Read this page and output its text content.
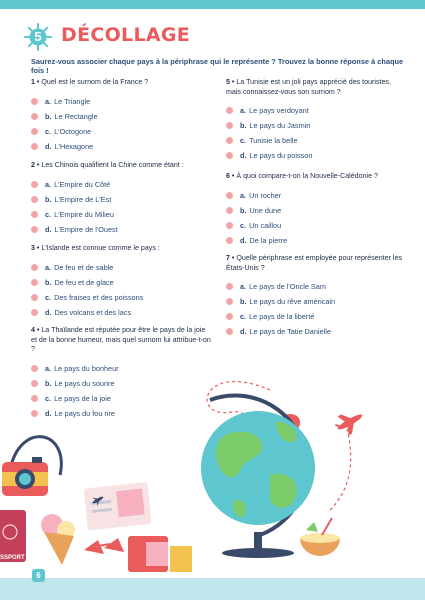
5	DÉCOLLAGE
Saurez-vous associer chaque pays à la périphrase qui le représente ? Trouvez la bonne réponse à chaque fois !
1 • Quel est le surnom de la France ?
a. Le Triangle
b. Le Rectangle
c. L'Octogone
d. L'Hexagone
2 • Les Chinois qualifient la Chine comme étant :
a. L'Empire du Côté
b. L'Empire de L'Est
c. L'Empire du Milieu
d. L'Empire de l'Ouest
3 • L'Islande est connue comme le pays :
a. De feu et de sable
b. De feu et de glace
c. Des fraises et des poissons
d. Des volcans et des lacs
4 • La Thaïlande est réputée pour être le pays de la joie et de la bonne humeur, mais quel surnom lui attribue-t-on ?
a. Le pays du bonheur
b. Le pays du sourire
c. Le pays de la joie
d. Le pays du fou rire
5 • La Tunisie est un joli pays apprécié des touristes, mais connaissez-vous son surnom ?
a. Le pays verdoyant
b. Le pays du Jasmin
c. Tunisie la belle
d. Le pays du poisson
6 • À quoi compare-t-on la Nouvelle-Calédonie ?
a. Un rocher
b. Une dune
c. Un caillou
d. De la pierre
7 • Quelle périphrase est employée pour représenter les États-Unis ?
a. Le pays de l'Oncle Sam
b. Le pays du rêve américain
c. Le pays de la liberté
d. Le pays de Tatie Danielle
SSPORT
6
